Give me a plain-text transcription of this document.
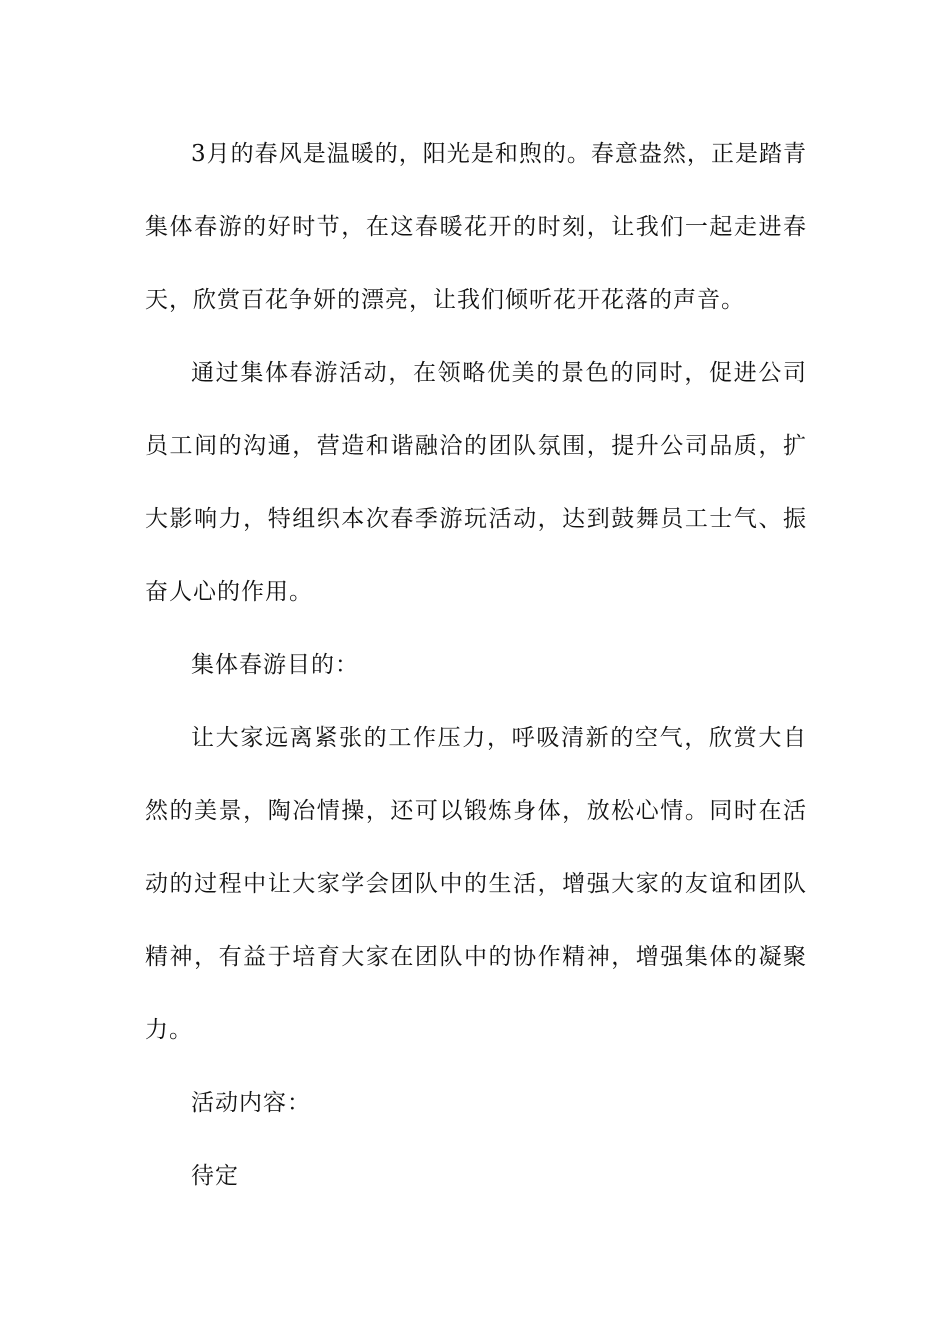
3月的春风是温暖的，阳光是和煦的。春意盎然，正是踏青集体春游的好时节，在这春暖花开的时刻，让我们一起走进春天，欣赏百花争妍的漂亮，让我们倾听花开花落的声音。

通过集体春游活动，在领略优美的景色的同时，促进公司员工间的沟通，营造和谐融洽的团队氛围，提升公司品质，扩大影响力，特组织本次春季游玩活动，达到鼓舞员工士气、振奋人心的作用。

集体春游目的：

让大家远离紧张的工作压力，呼吸清新的空气，欣赏大自然的美景，陶冶情操，还可以锻炼身体，放松心情。同时在活动的过程中让大家学会团队中的生活，增强大家的友谊和团队精神，有益于培育大家在团队中的协作精神，增强集体的凝聚力。

活动内容：

待定
